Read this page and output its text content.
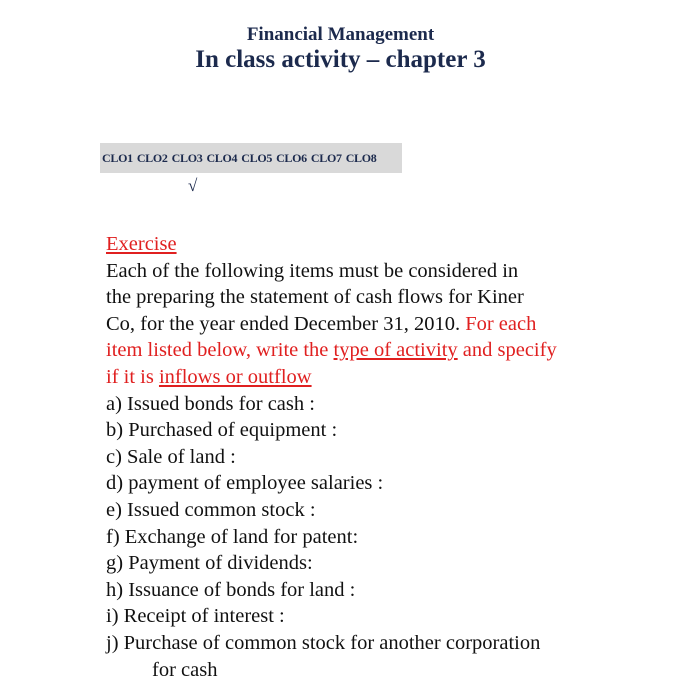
Financial Management
In class activity – chapter 3
CLO1 CLO2 CLO3 CLO4 CLO5 CLO6 CLO7 CLO8
√
Exercise
Each of the following items must be considered in
the preparing the statement of cash flows for Kiner
Co, for the year ended December 31, 2010. For each
item listed below, write the type of activity and specify
if it is inflows or outflow
a) Issued bonds for cash :
b) Purchased of equipment :
c) Sale of land :
d) payment of employee salaries :
e) Issued common stock :
f) Exchange of land for patent:
g) Payment of dividends:
h) Issuance of bonds for land :
i) Receipt of interest :
j) Purchase of common stock for another corporation
for cash
